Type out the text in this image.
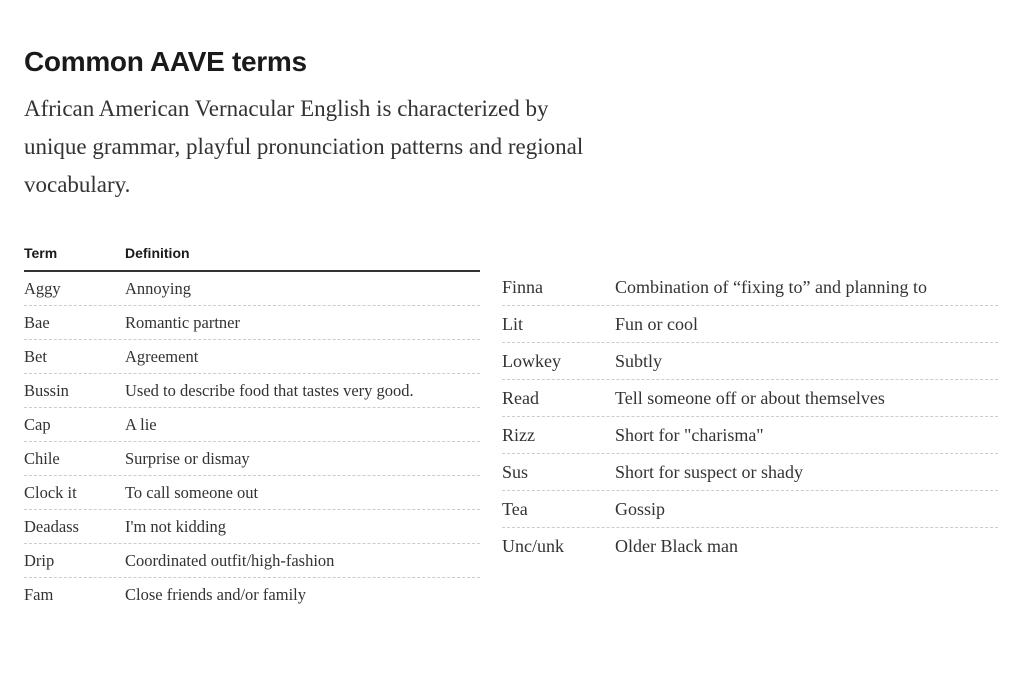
Common AAVE terms

African American Vernacular English is characterized by unique grammar, playful pronunciation patterns and regional vocabulary.

Term	Definition
Aggy	Annoying
Bae	Romantic partner
Bet	Agreement
Bussin	Used to describe food that tastes very good.
Cap	A lie
Chile	Surprise or dismay
Clock it	To call someone out
Deadass	I'm not kidding
Drip	Coordinated outfit/high-fashion
Fam	Close friends and/or family
Finna	Combination of “fixing to” and planning to
Lit	Fun or cool
Lowkey	Subtly
Read	Tell someone off or about themselves
Rizz	Short for "charisma"
Sus	Short for suspect or shady
Tea	Gossip
Unc/unk	Older Black man
